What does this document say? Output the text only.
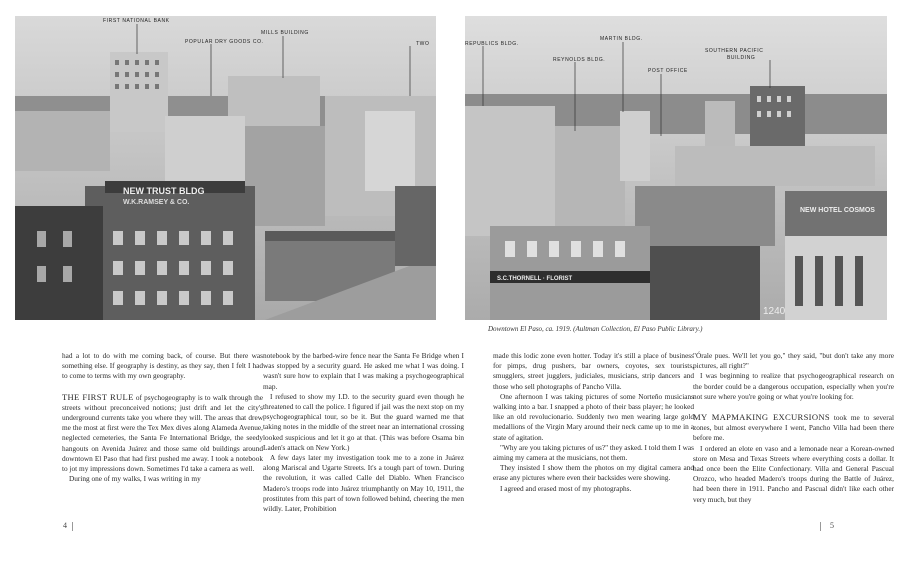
FIRST NATIONAL BANK
POPULAR DRY GOODS CO.
MILLS BUILDING
TWO
NEW TRUST BLDG
W.K.RAMSEY & CO.
REPUBLICS BLDG.
MARTIN BLDG.
REYNOLDS BLDG.
SOUTHERN PACIFIC
BUILDING
POST OFFICE
NEW HOTEL COSMOS
S.C.THORNELL · FLORIST
1240
Downtown El Paso, ca. 1919. (Aultman Collection, El Paso Public Library.)

had a lot to do with me coming back, of course. But there was something else. If geography is destiny, as they say, then I felt I had to come to terms with my own geography.

THE FIRST RULE of psychogeography is to walk through the streets without preconceived notions; just drift and let the city's underground currents take you where they will. The areas that drew me the most at first were the Tex Mex dives along Alameda Avenue, neglected cemeteries, the Santa Fe International Bridge, the seedy hangouts on Avenida Juárez and those same old buildings around downtown El Paso that had first pushed me away. I took a notebook to jot my impressions down. Sometimes I'd take a camera as well.

During one of my walks, I was writing in my

notebook by the barbed-wire fence near the Santa Fe Bridge when I was stopped by a security guard. He asked me what I was doing. I wasn't sure how to explain that I was making a psychogeographical map.

I refused to show my I.D. to the security guard even though he threatened to call the police. I figured if jail was the next stop on my psychogeographical tour, so be it. But the guard warned me that taking notes in the middle of the street near an international crossing looked suspicious and let it go at that. (This was before Osama bin Laden's attack on New York.)

A few days later my investigation took me to a zone in Juárez along Mariscal and Ugarte Streets. It's a tough part of town. During the revolution, it was called Calle del Diablo. When Francisco Madero's troops rode into Juárez triumphantly on May 10, 1911, the prostitutes from this part of town followed behind, cheering the men wildly. Later, Prohibition

made this lodic zone even hotter. Today it's still a place of business for pimps, drug pushers, bar owners, coyotes, sex tourists, smugglers, street jugglers, judiciales, musicians, strip dancers and those who sell photographs of Pancho Villa.

One afternoon I was taking pictures of some Norteño musicians walking into a bar. I snapped a photo of their bass player; he looked like an old revolucionario. Suddenly two men wearing large gold medallions of the Virgin Mary around their neck came up to me in a state of agitation.

"Why are you taking pictures of us?" they asked. I told them I was aiming my camera at the musicians, not them.

They insisted I show them the photos on my digital camera and erase any pictures where even their backsides were showing.

I agreed and erased most of my photographs.

"Órale pues. We'll let you go," they said, "but don't take any more pictures, all right?"

I was beginning to realize that psychogeographical research on the border could be a dangerous occupation, especially when you're not sure where you're going or what you're looking for.

MY MAPMAKING EXCURSIONS took me to several zones, but almost everywhere I went, Pancho Villa had been there before me.

I ordered an elote en vaso and a lemonade near a Korean-owned store on Mesa and Texas Streets where everything costs a dollar. It had once been the Elite Confectionary. Villa and General Pascual Orozco, who headed Madero's troops during the Battle of Juárez, had been there in 1911. Pancho and Pascual didn't like each other very much, but they

4	5
